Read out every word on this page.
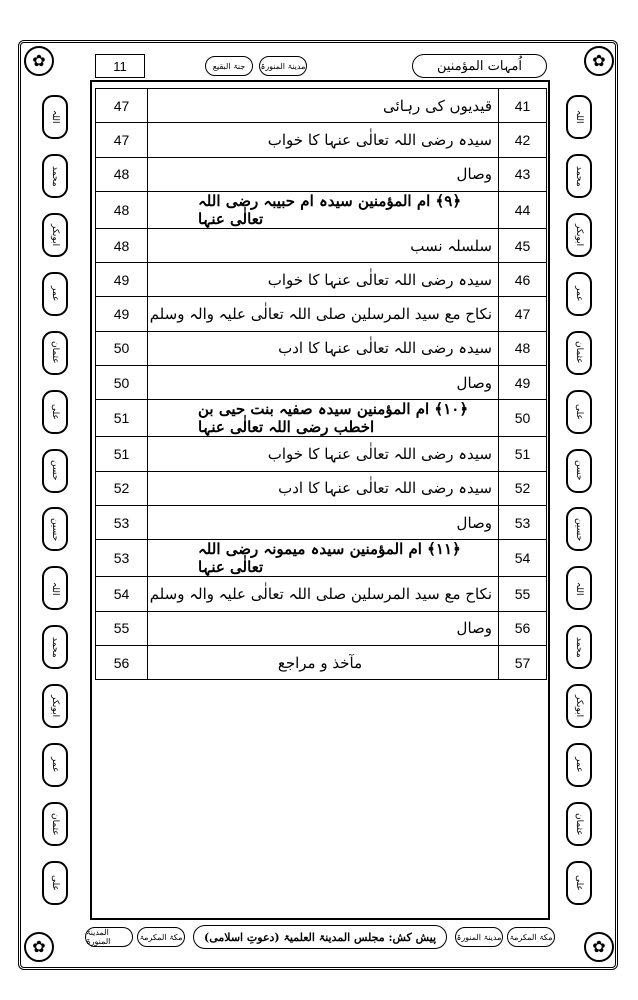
✿	✿
✿	✿
اللہ
محمد
ابوبکر
عمر
عثمان
علی
حسن
حسین
اللہ
محمد
ابوبکر
عمر
عثمان
علی
اللہ
محمد
ابوبکر
عمر
عثمان
علی
حسن
حسین
اللہ
محمد
ابوبکر
عمر
عثمان
علی
11	جنۃ البقیع	مدینۃ المنورۃ	اُمہات المؤمنین
47	قیدیوں کی رہائی	41
47	سیدہ رضی اللہ تعالٰی عنہا کا خواب	42
48	وصال	43
48	﴿۹﴾ ام المؤمنین سیدہ ام حبیبہ رضی اللہ تعالٰی عنہا	44
48	سلسلہ نسب	45
49	سیدہ رضی اللہ تعالٰی عنہا کا خواب	46
49	نکاح مع سید المرسلین صلی اللہ تعالٰی علیہ والہ وسلم	47
50	سیدہ رضی اللہ تعالٰی عنہا کا ادب	48
50	وصال	49
51	﴿۱۰﴾ ام المؤمنین سیدہ صفیہ بنت حیی بن اخطب رضی اللہ تعالٰی عنہا	50
51	سیدہ رضی اللہ تعالٰی عنہا کا خواب	51
52	سیدہ رضی اللہ تعالٰی عنہا کا ادب	52
53	وصال	53
53	﴿۱۱﴾ ام المؤمنین سیدہ میمونہ رضی اللہ تعالٰی عنہا	54
54	نکاح مع سید المرسلین صلی اللہ تعالٰی علیہ والہ وسلم	55
55	وصال	56
56	مآخذ و مراجع	57
المدینۃ المنورۃ	مکۃ المکرمۃ	پیش کش: مجلس المدینۃ العلمیۃ (دعوتِ اسلامی)	مدینۃ المنورۃ	مکۃ المکرمۃ
